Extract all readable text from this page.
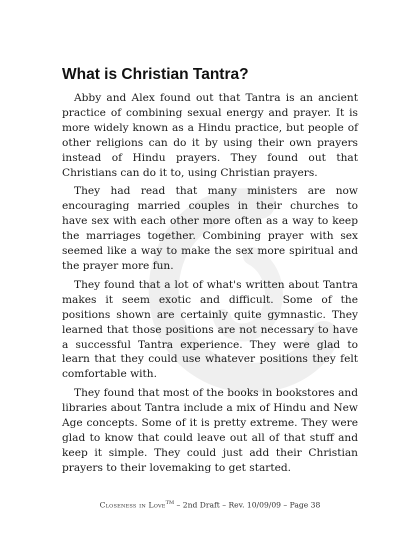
What is Christian Tantra?

Abby and Alex found out that Tantra is an ancient practice of combining sexual energy and prayer. It is more widely known as a Hindu practice, but people of other religions can do it by using their own prayers instead of Hindu prayers. They found out that Christians can do it to, using Christian prayers.

They had read that many ministers are now encouraging married couples in their churches to have sex with each other more often as a way to keep the marriages together. Combining prayer with sex seemed like a way to make the sex more spiritual and the prayer more fun.

They found that a lot of what's written about Tantra makes it seem exotic and difficult. Some of the positions shown are certainly quite gymnastic. They learned that those positions are not necessary to have a successful Tantra experience. They were glad to learn that they could use whatever positions they felt comfortable with.

They found that most of the books in bookstores and libraries about Tantra include a mix of Hindu and New Age concepts. Some of it is pretty extreme. They were glad to know that could leave out all of that stuff and keep it simple. They could just add their Christian prayers to their lovemaking to get started.

Closeness in Love™ – 2nd Draft – Rev. 10/09/09 – Page 38
